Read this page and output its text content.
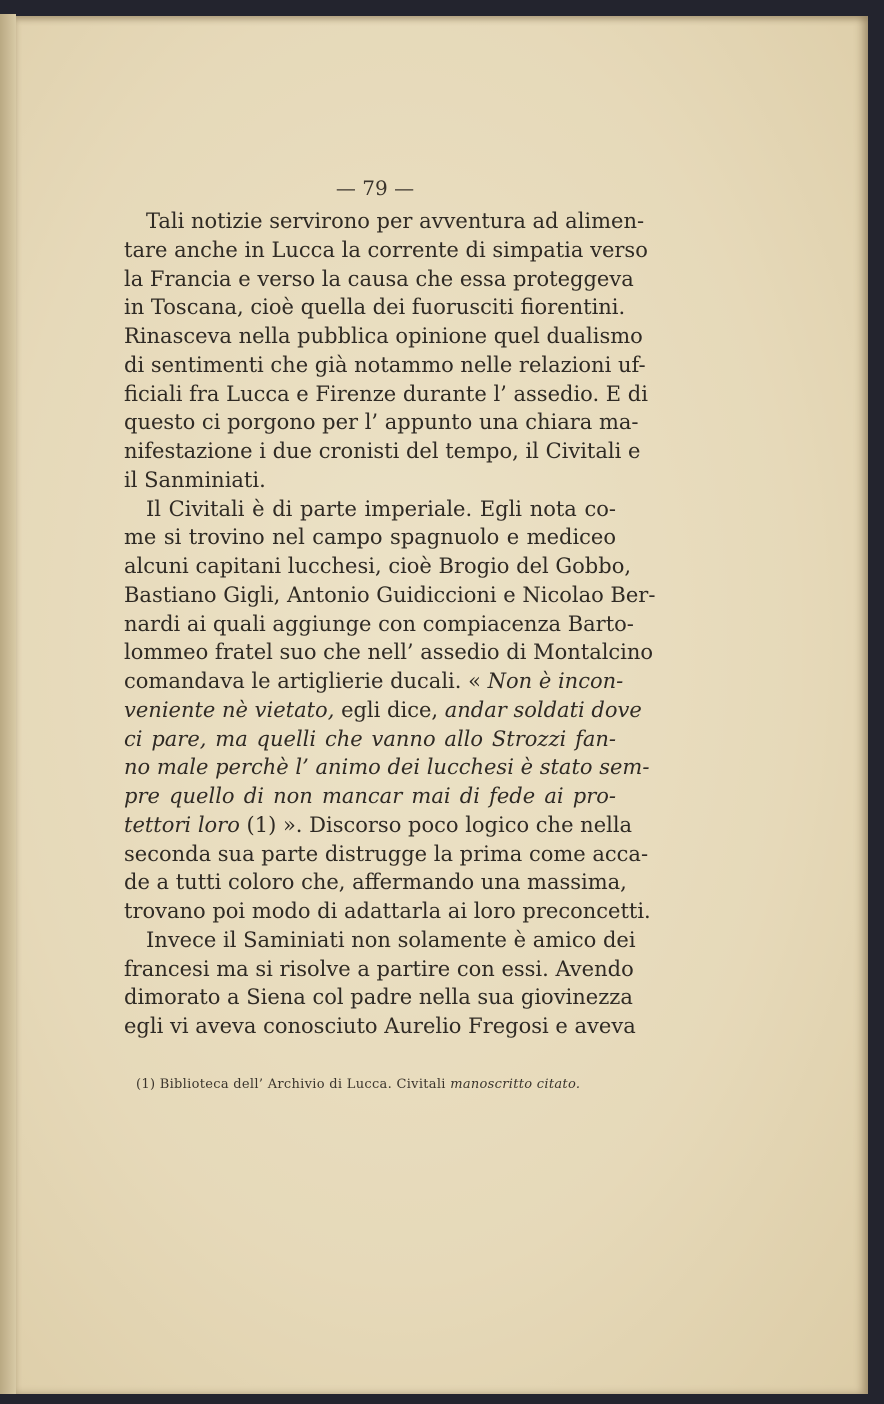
— 79 —
Tali notizie servirono per avventura ad alimen-
tare anche in Lucca la corrente di simpatia verso
la Francia e verso la causa che essa proteggeva
in Toscana, cioè quella dei fuorusciti fiorentini.
Rinasceva nella pubblica opinione quel dualismo
di sentimenti che già notammo nelle relazioni uf-
ficiali fra Lucca e Firenze durante l’ assedio. E di
questo ci porgono per l’ appunto una chiara ma-
nifestazione i due cronisti del tempo, il Civitali e
il Sanminiati.
Il Civitali è di parte imperiale. Egli nota co-
me si trovino nel campo spagnuolo e mediceo
alcuni capitani lucchesi, cioè Brogio del Gobbo,
Bastiano Gigli, Antonio Guidiccioni e Nicolao Ber-
nardi ai quali aggiunge con compiacenza Barto-
lommeo fratel suo che nell’ assedio di Montalcino
comandava le artiglierie ducali. « Non è incon-
veniente nè vietato, egli dice, andar soldati dove
ci pare, ma quelli che vanno allo Strozzi fan-
no male perchè l’ animo dei lucchesi è stato sem-
pre quello di non mancar mai di fede ai pro-
tettori loro (1) ». Discorso poco logico che nella
seconda sua parte distrugge la prima come acca-
de a tutti coloro che, affermando una massima,
trovano poi modo di adattarla ai loro preconcetti.
Invece il Saminiati non solamente è amico dei
francesi ma si risolve a partire con essi. Avendo
dimorato a Siena col padre nella sua giovinezza
egli vi aveva conosciuto Aurelio Fregosi e aveva
(1) Biblioteca dell’ Archivio di Lucca. Civitali manoscritto citato.
